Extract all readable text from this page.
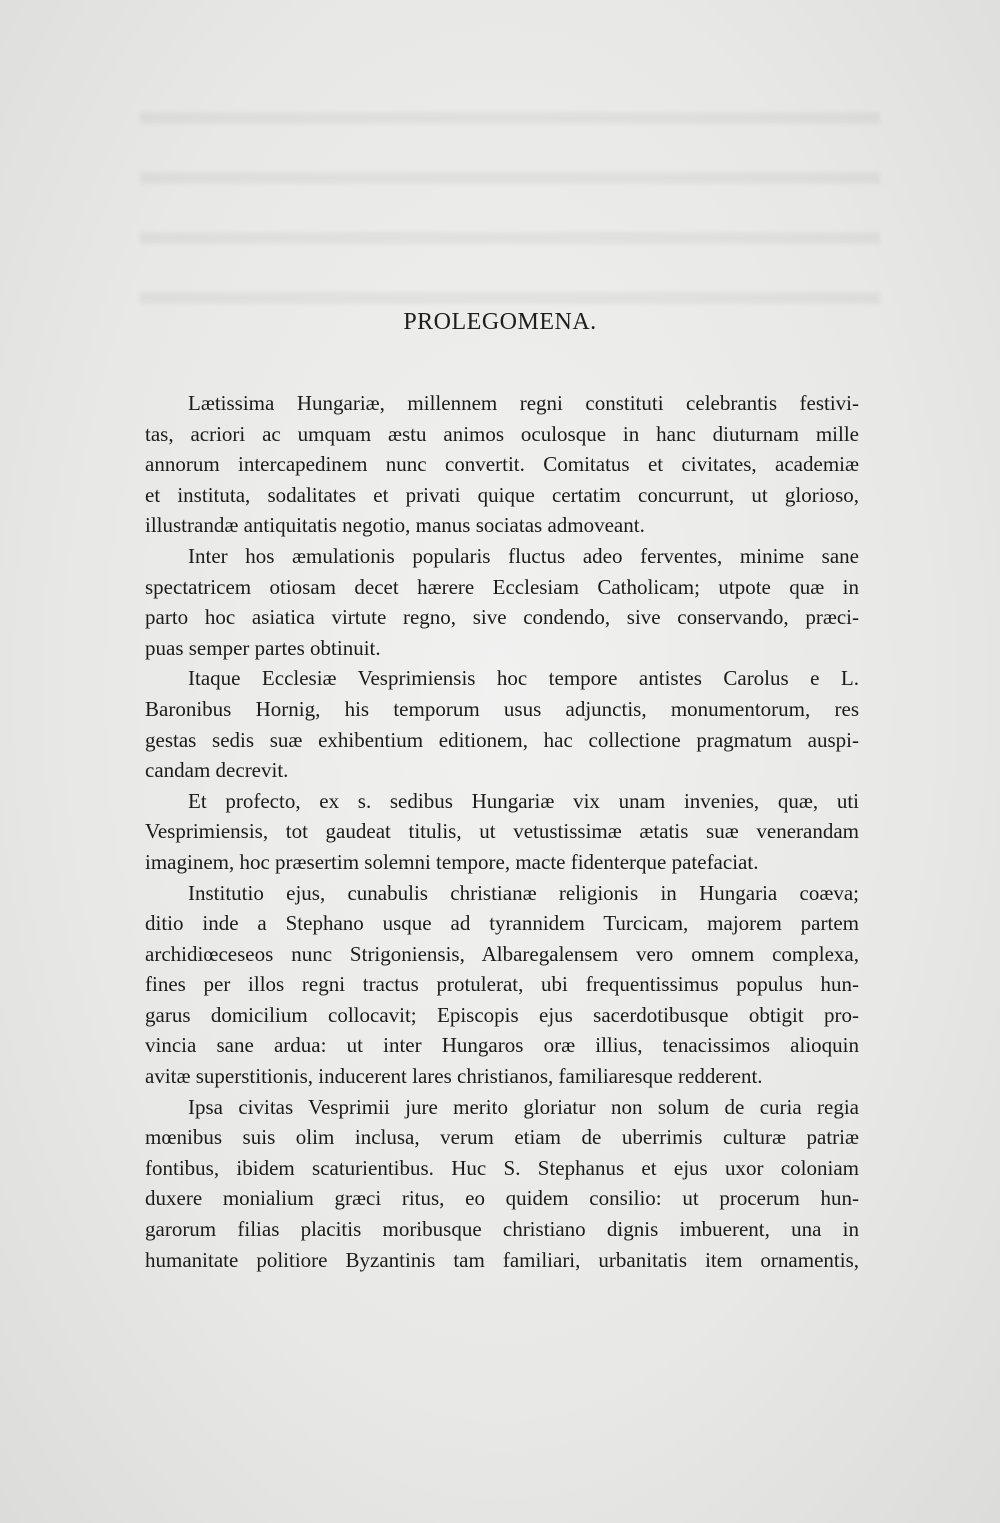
PROLEGOMENA.
Lætissima Hungariæ, millennem regni constituti celebrantis festivi-
tas, acriori ac umquam æstu animos oculosque in hanc diuturnam mille
annorum intercapedinem nunc convertit. Comitatus et civitates, academiæ
et instituta, sodalitates et privati quique certatim concurrunt, ut glorioso,
illustrandæ antiquitatis negotio, manus sociatas admoveant.
Inter hos æmulationis popularis fluctus adeo ferventes, minime sane
spectatricem otiosam decet hærere Ecclesiam Catholicam; utpote quæ in
parto hoc asiatica virtute regno, sive condendo, sive conservando, præci-
puas semper partes obtinuit.
Itaque Ecclesiæ Vesprimiensis hoc tempore antistes Carolus e L.
Baronibus Hornig, his temporum usus adjunctis, monumentorum, res
gestas sedis suæ exhibentium editionem, hac collectione pragmatum auspi-
candam decrevit.
Et profecto, ex s. sedibus Hungariæ vix unam invenies, quæ, uti
Vesprimiensis, tot gaudeat titulis, ut vetustissimæ ætatis suæ venerandam
imaginem, hoc præsertim solemni tempore, macte fidenterque patefaciat.
Institutio ejus, cunabulis christianæ religionis in Hungaria coæva;
ditio inde a Stephano usque ad tyrannidem Turcicam, majorem partem
archidiœceseos nunc Strigoniensis, Albaregalensem vero omnem complexa,
fines per illos regni tractus protulerat, ubi frequentissimus populus hun-
garus domicilium collocavit; Episcopis ejus sacerdotibusque obtigit pro-
vincia sane ardua: ut inter Hungaros oræ illius, tenacissimos alioquin
avitæ superstitionis, inducerent lares christianos, familiaresque redderent.
Ipsa civitas Vesprimii jure merito gloriatur non solum de curia regia
mœnibus suis olim inclusa, verum etiam de uberrimis culturæ patriæ
fontibus, ibidem scaturientibus. Huc S. Stephanus et ejus uxor coloniam
duxere monialium græci ritus, eo quidem consilio: ut procerum hun-
garorum filias placitis moribusque christiano dignis imbuerent, una in
humanitate politiore Byzantinis tam familiari, urbanitatis item ornamentis,
